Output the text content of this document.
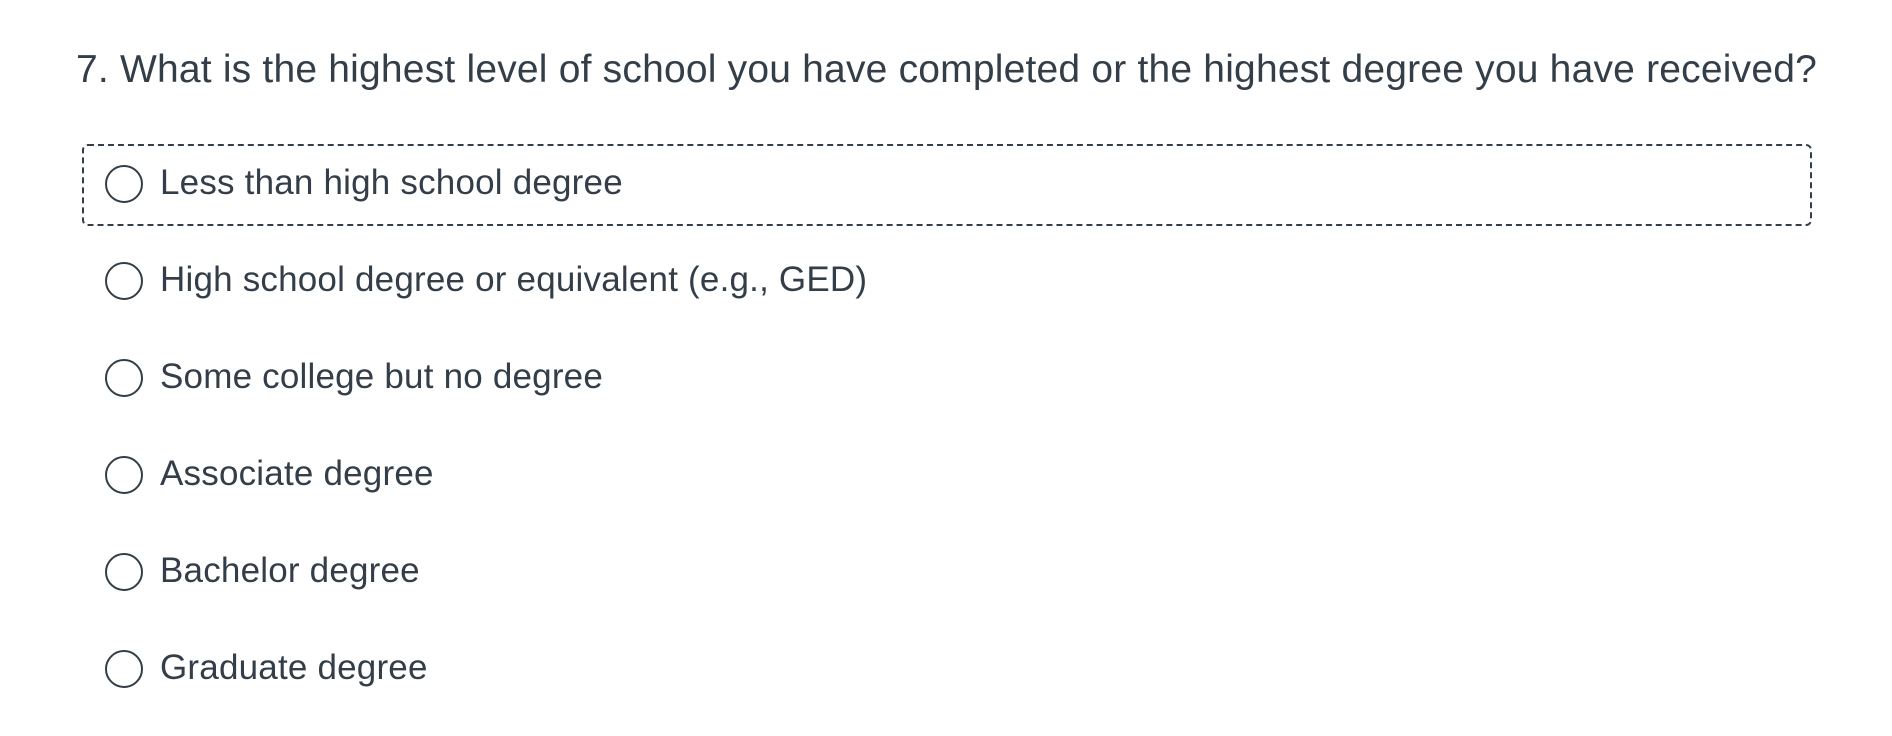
7. What is the highest level of school you have completed or the highest degree you have received?
Less than high school degree
High school degree or equivalent (e.g., GED)
Some college but no degree
Associate degree
Bachelor degree
Graduate degree
